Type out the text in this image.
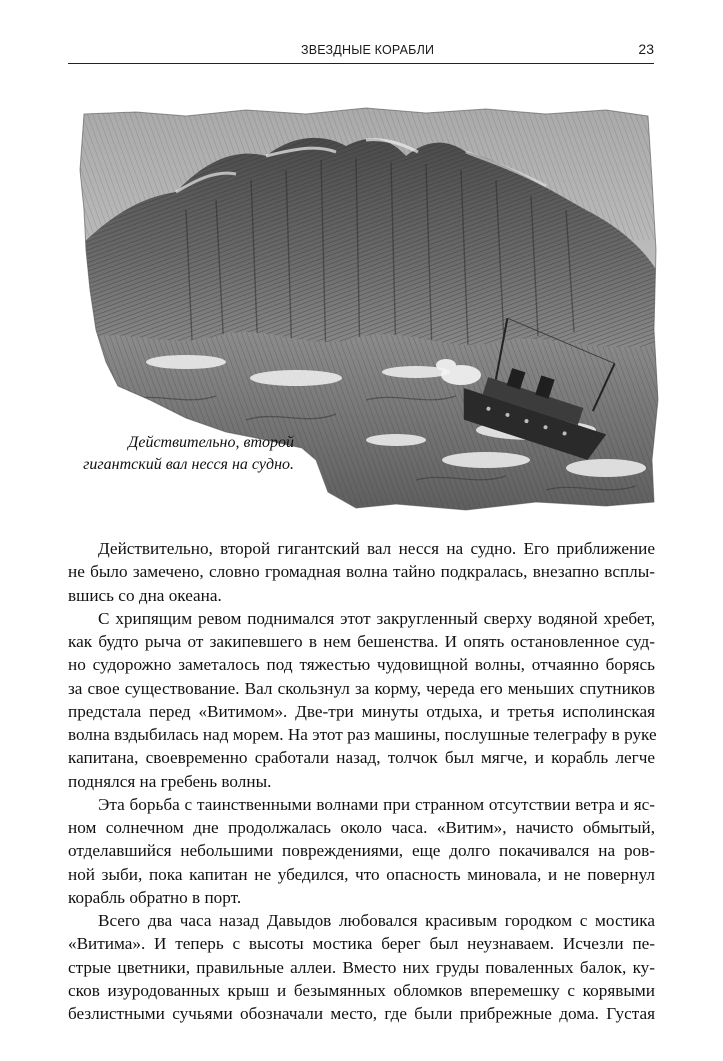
ЗВЕЗДНЫЕ КОРАБЛИ	23
Действительно, второй
гигантский вал несся на судно.
Действительно, второй гигантский вал несся на судно. Его приближение
не было замечено, словно громадная волна тайно подкралась, внезапно всплы-
вшись со дна океана.
С хрипящим ревом поднимался этот закругленный сверху водяной хребет,
как будто рыча от закипевшего в нем бешенства. И опять остановленное суд-
но судорожно заметалось под тяжестью чудовищной волны, отчаянно борясь
за свое существование. Вал скользнул за корму, череда его меньших спутников
предстала перед «Витимом». Две-три минуты отдыха, и третья исполинская
волна вздыбилась над морем. На этот раз машины, послушные телеграфу в руке
капитана, своевременно сработали назад, толчок был мягче, и корабль легче
поднялся на гребень волны.
Эта борьба с таинственными волнами при странном отсутствии ветра и яс-
ном солнечном дне продолжалась около часа. «Витим», начисто обмытый,
отделавшийся небольшими повреждениями, еще долго покачивался на ров-
ной зыби, пока капитан не убедился, что опасность миновала, и не повернул
корабль обратно в порт.
Всего два часа назад Давыдов любовался красивым городком с мостика
«Витима». И теперь с высоты мостика берег был неузнаваем. Исчезли пе-
стрые цветники, правильные аллеи. Вместо них груды поваленных балок, ку-
сков изуродованных крыш и безымянных обломков вперемешку с корявыми
безлистными сучьями обозначали место, где были прибрежные дома. Густая
